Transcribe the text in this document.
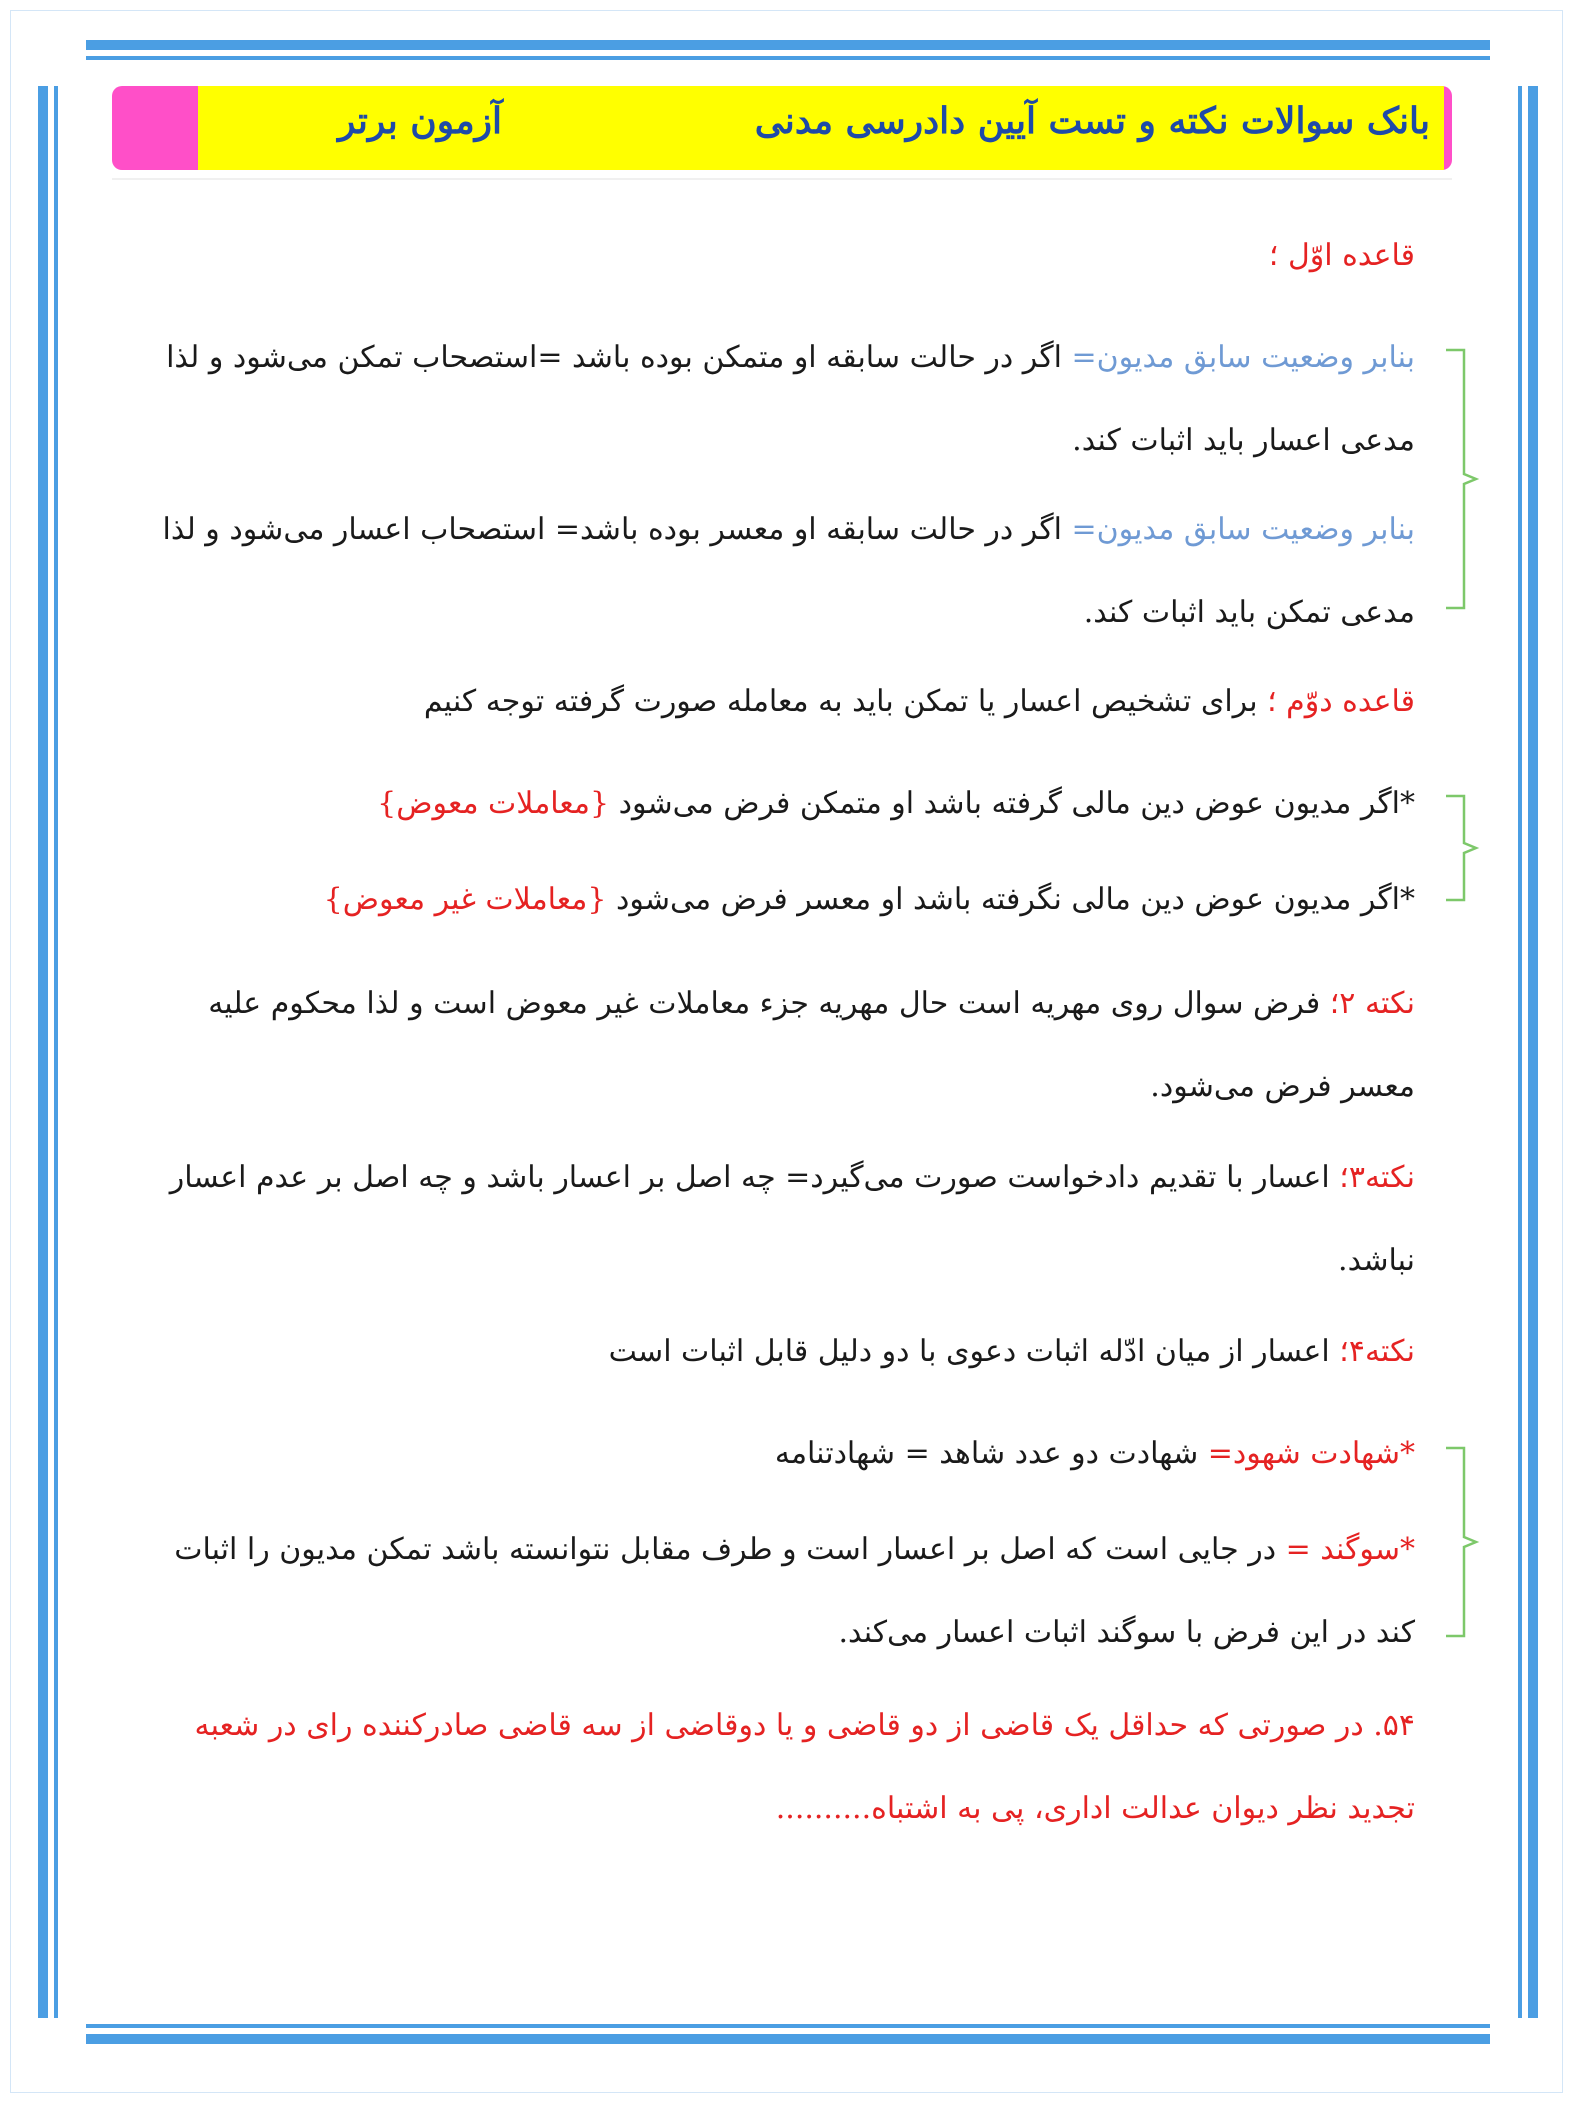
بانک سوالات نکته و تست آیین دادرسی مدنی
آزمون برتر
قاعده اوّل ؛
بنابر وضعیت سابق مدیون= اگر در حالت سابقه او متمکن بوده باشد =استصحاب تمکن می‌شود و لذا مدعی اعسار باید اثبات کند.
بنابر وضعیت سابق مدیون= اگر در حالت سابقه او معسر بوده باشد= استصحاب اعسار می‌شود و لذا مدعی تمکن باید اثبات کند.
قاعده دوّم ؛ برای تشخیص اعسار یا تمکن باید به معامله صورت گرفته توجه کنیم
*اگر مدیون عوض دین مالی گرفته باشد او متمکن فرض می‌شود {معاملات معوض}
*اگر مدیون عوض دین مالی نگرفته باشد او معسر فرض می‌شود {معاملات غیر معوض}
نکته ۲؛ فرض سوال روی مهریه است حال مهریه جزء معاملات غیر معوض است و لذا محکوم علیه معسر فرض می‌شود.
نکته۳؛ اعسار با تقدیم دادخواست صورت می‌گیرد= چه اصل بر اعسار باشد و چه اصل بر عدم اعسار نباشد.
نکته۴؛ اعسار از میان ادّله اثبات دعوی با دو دلیل قابل اثبات است
*شهادت شهود= شهادت دو عدد شاهد = شهادتنامه
*سوگند = در جایی است که اصل بر اعسار است و طرف مقابل نتوانسته باشد تمکن مدیون را اثبات کند در این فرض با سوگند اثبات اعسار می‌کند.
۵۴. در صورتی که حداقل یک قاضی از دو قاضی و یا دوقاضی از سه قاضی صادرکننده رای در شعبه تجدید نظر دیوان عدالت اداری، پی به اشتباه..........
